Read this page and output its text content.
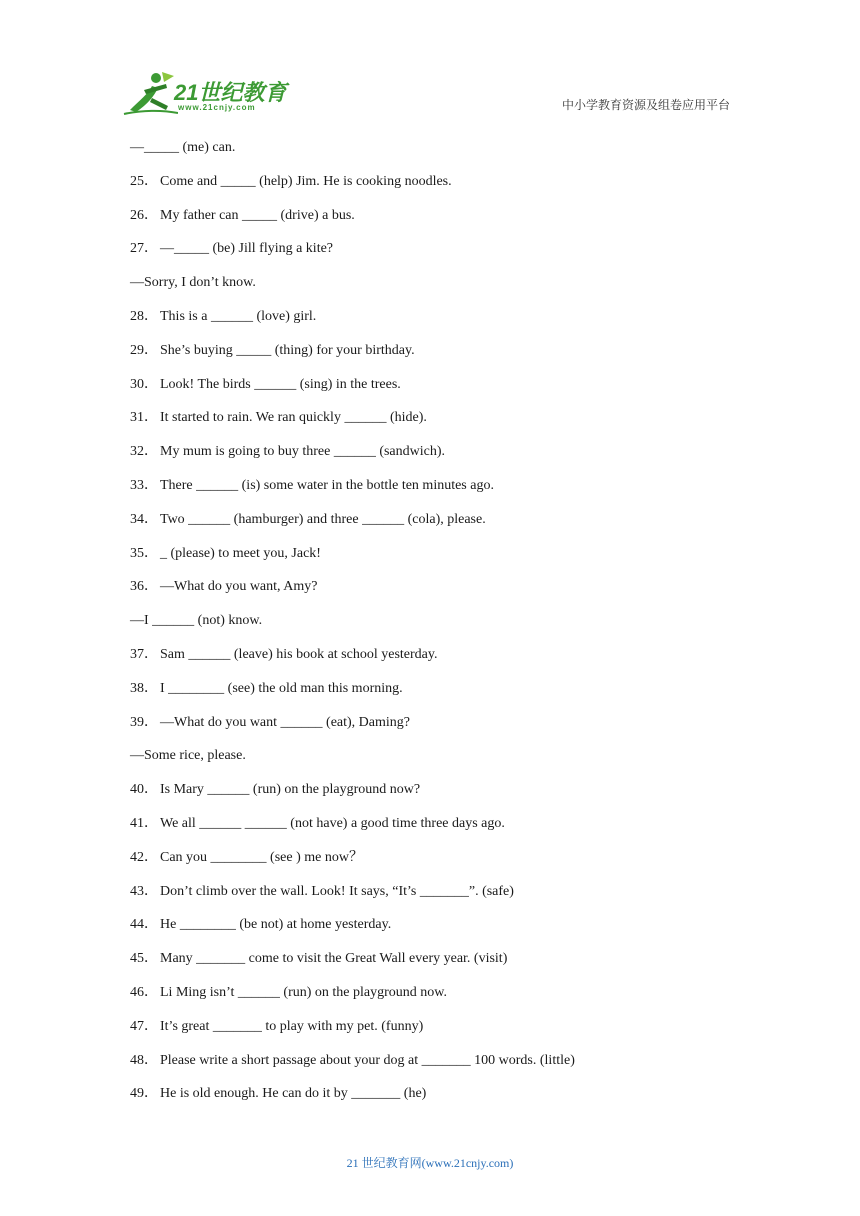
21世纪教育
www.21cnjy.com	中小学教育资源及组卷应用平台
—_____ (me) can.
25． Come and _____ (help) Jim. He is cooking noodles.
26． My father can _____ (drive) a bus.
27． —_____ (be) Jill flying a kite?
—Sorry, I don’t know.
28． This is a ______ (love) girl.
29． She’s buying _____ (thing) for your birthday.
30． Look! The birds ______ (sing) in the trees.
31． It started to rain. We ran quickly ______ (hide).
32． My mum is going to buy three ______ (sandwich).
33． There ______ (is) some water in the bottle ten minutes ago.
34． Two ______ (hamburger) and three ______ (cola), please.
35． _ (please) to meet you, Jack!
36． —What do you want, Amy?
—I ______ (not) know.
37． Sam ______ (leave) his book at school yesterday.
38． I ________ (see) the old man this morning.
39． —What do you want ______ (eat), Daming?
—Some rice, please.
40． Is Mary ______ (run) on the playground now?
41． We all ______ ______ (not have) a good time three days ago.
42． Can you ________ (see ) me now？
43． Don’t climb over the wall. Look! It says, “It’s _______”. (safe)
44． He ________ (be not) at home yesterday.
45． Many _______ come to visit the Great Wall every year. (visit)
46． Li Ming isn’t ______ (run) on the playground now.
47． It’s great _______ to play with my pet. (funny)
48． Please write a short passage about your dog at _______ 100 words. (little)
49． He is old enough. He can do it by _______ (he)
21 世纪教育网(www.21cnjy.com)
